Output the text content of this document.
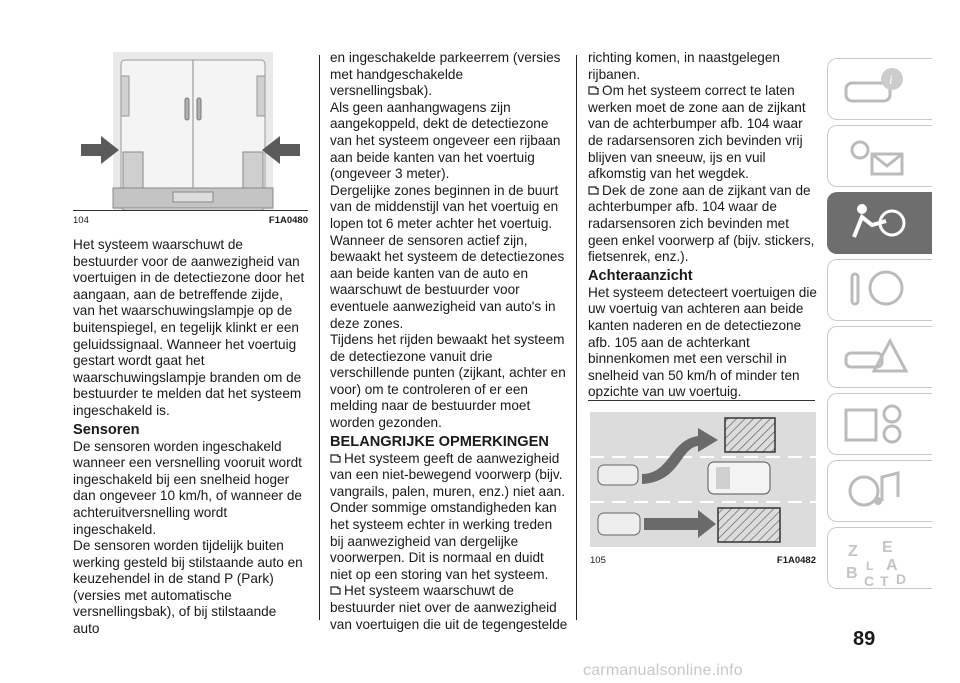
104	F1A0480

Het systeem waarschuwt de bestuurder voor de aanwezigheid van voertuigen in de detectiezone door het aangaan, aan de betreffende zijde, van het waarschuwingslampje op de buitenspiegel, en tegelijk klinkt er een geluidssignaal. Wanneer het voertuig gestart wordt gaat het waarschuwingslampje branden om de bestuurder te melden dat het systeem ingeschakeld is.

Sensoren

De sensoren worden ingeschakeld wanneer een versnelling vooruit wordt ingeschakeld bij een snelheid hoger dan ongeveer 10 km/h, of wanneer de achteruitversnelling wordt ingeschakeld.

De sensoren worden tijdelijk buiten werking gesteld bij stilstaande auto en keuzehendel in de stand P (Park) (versies met automatische versnellingsbak), of bij stilstaande auto

en ingeschakelde parkeerrem (versies met handgeschakelde versnellingsbak).

Als geen aanhangwagens zijn aangekoppeld, dekt de detectiezone van het systeem ongeveer een rijbaan aan beide kanten van het voertuig (ongeveer 3 meter).

Dergelijke zones beginnen in de buurt van de middenstijl van het voertuig en lopen tot 6 meter achter het voertuig.

Wanneer de sensoren actief zijn, bewaakt het systeem de detectiezones aan beide kanten van de auto en waarschuwt de bestuurder voor eventuele aanwezigheid van auto's in deze zones.

Tijdens het rijden bewaakt het systeem de detectiezone vanuit drie verschillende punten (zijkant, achter en voor) om te controleren of er een melding naar de bestuurder moet worden gezonden.

BELANGRIJKE OPMERKINGEN

Het systeem geeft de aanwezigheid van een niet-bewegend voorwerp (bijv. vangrails, palen, muren, enz.) niet aan. Onder sommige omstandigheden kan het systeem echter in werking treden bij aanwezigheid van dergelijke voorwerpen. Dit is normaal en duidt niet op een storing van het systeem.

Het systeem waarschuwt de bestuurder niet over de aanwezigheid van voertuigen die uit de tegengestelde

richting komen, in naastgelegen rijbanen.

Om het systeem correct te laten werken moet de zone aan de zijkant van de achterbumper afb. 104 waar de radarsensoren zich bevinden vrij blijven van sneeuw, ijs en vuil afkomstig van het wegdek.

Dek de zone aan de zijkant van de achterbumper afb. 104 waar de radarsensoren zich bevinden met geen enkel voorwerp af (bijv. stickers, fietsenrek, enz.).

Achteraanzicht

Het systeem detecteert voertuigen die uw voertuig van achteren aan beide kanten naderen en de detectiezone afb. 105 aan de achterkant binnenkomen met een verschil in snelheid van 50 km/h of minder ten opzichte van uw voertuig.

105	F1A0482
i
Z E
L A
B C T D
89
carmanualsonline.info
